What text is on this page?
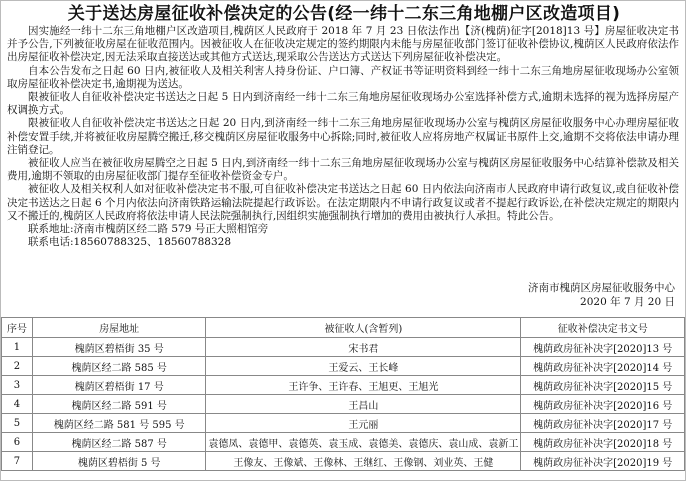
关于送达房屋征收补偿决定的公告(经一纬十二东三角地棚户区改造项目)

因实施经一纬十二东三角地棚户区改造项目,槐荫区人民政府于 2018 年 7 月 23 日依法作出【济(槐荫)征字[2018]13 号】房屋征收决定书并予公告,下列被征收房屋在征收范围内。因被征收人在征收决定规定的签约期限内未能与房屋征收部门签订征收补偿协议,槐荫区人民政府依法作出房屋征收补偿决定,因无法采取直接送达或其他方式送达,现采取公告送达方式送达下列房屋征收补偿决定。

自本公告发布之日起 60 日内,被征收人及相关利害人持身份证、户口簿、产权证书等证明资料到经一纬十二东三角地房屋征收现场办公室领取房屋征收补偿决定书,逾期视为送达。

限被征收人自征收补偿决定书送达之日起 5 日内到济南经一纬十二东三角地房屋征收现场办公室选择补偿方式,逾期未选择的视为选择房屋产权调换方式。

限被征收人自征收补偿决定书送达之日起 20 日内,到济南经一纬十二东三角地房屋征收现场办公室与槐荫区房屋征收服务中心办理房屋征收补偿安置手续,并将被征收房屋腾空搬迁,移交槐荫区房屋征收服务中心拆除;同时,被征收人应将房地产权属证书原件上交,逾期不交将依法申请办理注销登记。

被征收人应当在被征收房屋腾空之日起 5 日内,到济南经一纬十二东三角地房屋征收现场办公室与槐荫区房屋征收服务中心结算补偿款及相关费用,逾期不领取的由房屋征收部门提存至征收补偿资金专户。

被征收人及相关权利人如对征收补偿决定书不服,可自征收补偿决定书送达之日起 60 日内依法向济南市人民政府申请行政复议,或自征收补偿决定书送达之日起 6 个月内依法向济南铁路运输法院提起行政诉讼。在法定期限内不申请行政复议或者不提起行政诉讼,在补偿决定规定的期限内又不搬迁的,槐荫区人民政府将依法申请人民法院强制执行,因组织实施强制执行增加的费用由被执行人承担。特此公告。

联系地址:济南市槐荫区经二路 579 号正大照相馆旁
联系电话:18560788325、18560788328
济南市槐荫区房屋征收服务中心
2020 年 7 月 20 日
序号	房屋地址	被征收人(含暂列)	征收补偿决定书文号
1	槐荫区碧梧街 35 号	宋书君	槐荫政房征补决字[2020]13 号
2	槐荫区经二路 585 号	王爱云、王长峰	槐荫政房征补决字[2020]14 号
3	槐荫区碧梧街 17 号	王许争、王许春、王旭更、王旭光	槐荫政房征补决字[2020]15 号
4	槐荫区经二路 591 号	王昌山	槐荫政房征补决字[2020]16 号
5	槐荫区经二路 581 号 595 号	王元丽	槐荫政房征补决字[2020]17 号
6	槐荫区经二路 587 号	袁德凤、袁德甲、袁德英、袁玉成、袁德美、袁德庆、袁山成、袁新工	槐荫政房征补决字[2020]18 号
7	槐荫区碧梧街 5 号	王像友、王像斌、王像林、王继红、王像钢、刘业英、王健	槐荫政房征补决字[2020]19 号
